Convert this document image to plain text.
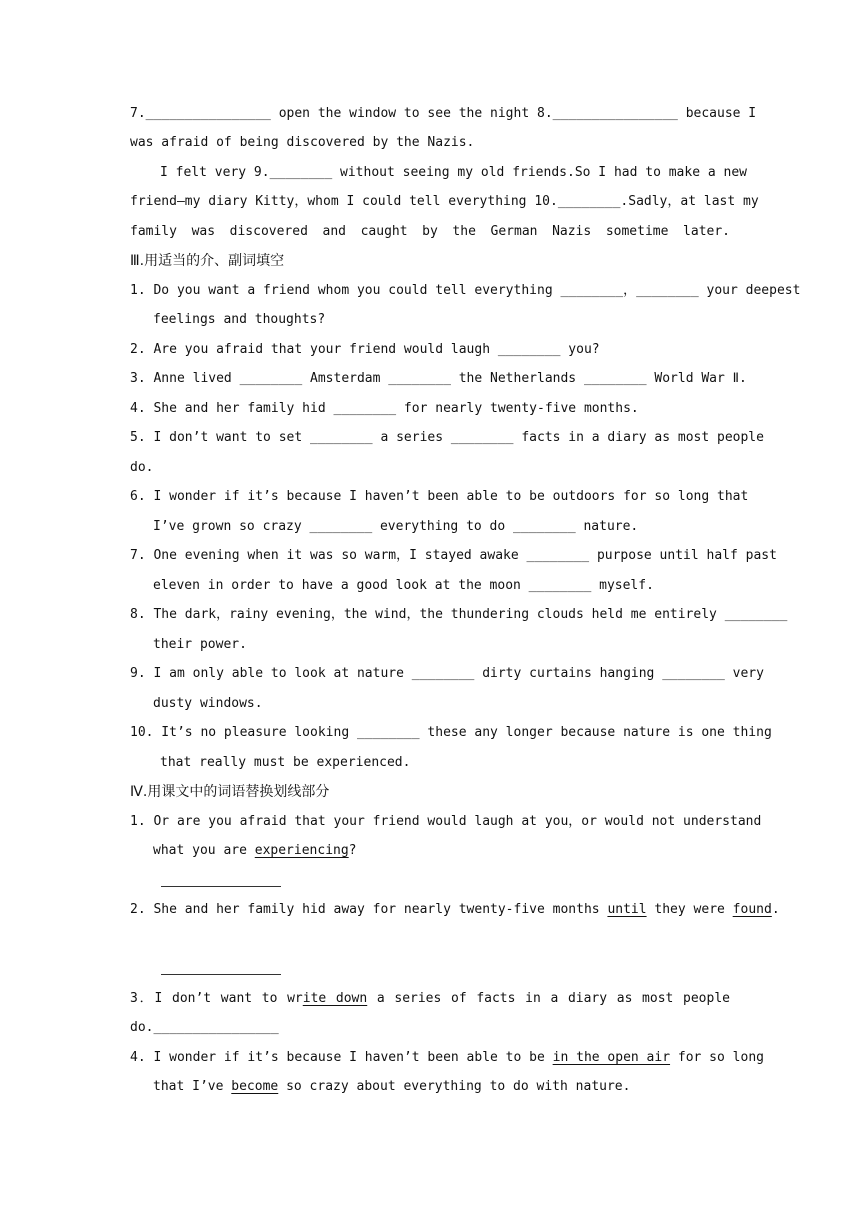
7.________________ open the window to see the night 8.________________ because I
was afraid of being discovered by the Nazis.
I felt very 9.________ without seeing my old friends.So I had to make a new
friend—my diary Kitty，whom I could tell everything 10.________.Sadly，at last my
family was discovered and caught by the German Nazis sometime later.
Ⅲ.用适当的介、副词填空
1. Do you want a friend whom you could tell everything ________，________ your deepest
feelings and thoughts?
2. Are you afraid that your friend would laugh ________ you?
3. Anne lived ________ Amsterdam ________ the Netherlands ________ World War Ⅱ.
4. She and her family hid ________ for nearly twenty-five months.
5. I don’t want to set ________ a series ________ facts in a diary as most people
do.
6. I wonder if it’s because I haven’t been able to be outdoors for so long that
I’ve grown so crazy ________ everything to do ________ nature.
7. One evening when it was so warm，I stayed awake ________ purpose until half past
eleven in order to have a good look at the moon ________ myself.
8. The dark，rainy evening，the wind，the thundering clouds held me entirely ________
their power.
9. I am only able to look at nature ________ dirty curtains hanging ________ very
dusty windows.
10. It’s no pleasure looking ________ these any longer because nature is one thing
that really must be experienced.
Ⅳ.用课文中的词语替换划线部分
1. Or are you afraid that your friend would laugh at you，or would not understand
what you are experiencing?
2. She and her family hid away for nearly twenty-five months until they were found.
3．I don’t want to write down a series of facts in a diary as most people
do.________________
4. I wonder if it’s because I haven’t been able to be in the open air for so long
that I’ve become so crazy about everything to do with nature.
